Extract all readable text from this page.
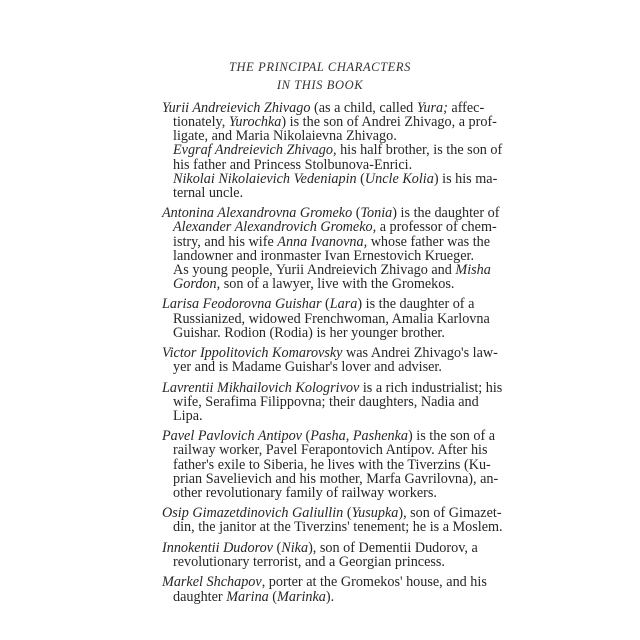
THE PRINCIPAL CHARACTERS
IN THIS BOOK
Yurii Andreievich Zhivago (as a child, called Yura; affec-
tionately, Yurochka) is the son of Andrei Zhivago, a prof-
ligate, and Maria Nikolaievna Zhivago.
Evgraf Andreievich Zhivago, his half brother, is the son of
his father and Princess Stolbunova-Enrici.
Nikolai Nikolaievich Vedeniapin (Uncle Kolia) is his ma-
ternal uncle.
Antonina Alexandrovna Gromeko (Tonia) is the daughter of
Alexander Alexandrovich Gromeko, a professor of chem-
istry, and his wife Anna Ivanovna, whose father was the
landowner and ironmaster Ivan Ernestovich Krueger.
As young people, Yurii Andreievich Zhivago and Misha
Gordon, son of a lawyer, live with the Gromekos.
Larisa Feodorovna Guishar (Lara) is the daughter of a
Russianized, widowed Frenchwoman, Amalia Karlovna
Guishar. Rodion (Rodia) is her younger brother.
Victor Ippolitovich Komarovsky was Andrei Zhivago's law-
yer and is Madame Guishar's lover and adviser.
Lavrentii Mikhailovich Kologrivov is a rich industrialist; his
wife, Serafima Filippovna; their daughters, Nadia and
Lipa.
Pavel Pavlovich Antipov (Pasha, Pashenka) is the son of a
railway worker, Pavel Ferapontovich Antipov. After his
father's exile to Siberia, he lives with the Tiverzins (Ku-
prian Savelievich and his mother, Marfa Gavrilovna), an-
other revolutionary family of railway workers.
Osip Gimazetdinovich Galiullin (Yusupka), son of Gimazet-
din, the janitor at the Tiverzins' tenement; he is a Moslem.
Innokentii Dudorov (Nika), son of Dementii Dudorov, a
revolutionary terrorist, and a Georgian princess.
Markel Shchapov, porter at the Gromekos' house, and his
daughter Marina (Marinka).
